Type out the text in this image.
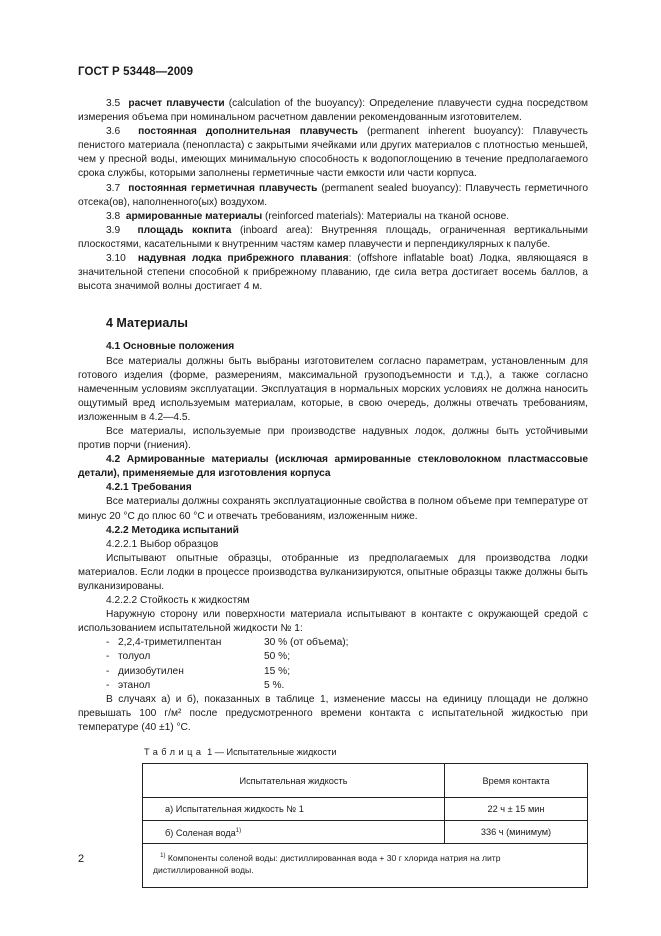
ГОСТ Р 53448—2009

3.5 расчет плавучести (calculation of the buoyancy): Определение плавучести судна посредством измерения объема при номинальном расчетном давлении рекомендованным изготовителем.

3.6 постоянная дополнительная плавучесть (permanent inherent buoyancy): Плавучесть пенистого материала (пенопласта) с закрытыми ячейками или других материалов с плотностью меньшей, чем у пресной воды, имеющих минимальную способность к водопоглощению в течение предполагаемого срока службы, которыми заполнены герметичные части емкости или части корпуса.

3.7 постоянная герметичная плавучесть (permanent sealed buoyancy): Плавучесть герметичного отсека(ов), наполненного(ых) воздухом.

3.8 армированные материалы (reinforced materials): Материалы на тканой основе.

3.9 площадь кокпита (inboard area): Внутренняя площадь, ограниченная вертикальными плоскостями, касательными к внутренним частям камер плавучести и перпендикулярных к палубе.

3.10 надувная лодка прибрежного плавания: (offshore inflatable boat) Лодка, являющаяся в значительной степени способной к прибрежному плаванию, где сила ветра достигает восемь баллов, а высота значимой волны достигает 4 м.

4 Материалы

4.1 Основные положения

Все материалы должны быть выбраны изготовителем согласно параметрам, установленным для готового изделия (форме, размерениям, максимальной грузоподъемности и т.д.), а также согласно намеченным условиям эксплуатации. Эксплуатация в нормальных морских условиях не должна наносить ощутимый вред используемым материалам, которые, в свою очередь, должны отвечать требованиям, изложенным в 4.2—4.5.

Все материалы, используемые при производстве надувных лодок, должны быть устойчивыми против порчи (гниения).

4.2 Армированные материалы (исключая армированные стекловолокном пластмассовые детали), применяемые для изготовления корпуса

4.2.1 Требования

Все материалы должны сохранять эксплуатационные свойства в полном объеме при температуре от минус 20 °С до плюс 60 °С и отвечать требованиям, изложенным ниже.

4.2.2 Методика испытаний

4.2.2.1 Выбор образцов

Испытывают опытные образцы, отобранные из предполагаемых для производства лодки материалов. Если лодки в процессе производства вулканизируются, опытные образцы также должны быть вулканизированы.

4.2.2.2 Стойкость к жидкостям

Наружную сторону или поверхности материала испытывают в контакте с окружающей средой с использованием испытательной жидкости № 1:

- 2,2,4-триметилпентан	30 % (от объема);
- толуол	50 %;
- диизобутилен	15 %;
- этанол	5 %.

В случаях а) и б), показанных в таблице 1, изменение массы на единицу площади не должно превышать 100 г/м² после предусмотренного времени контакта с испытательной жидкостью при температуре (40 ±1) °С.

Таблица 1 — Испытательные жидкости
Испытательная жидкость	Время контакта
а) Испытательная жидкость № 1	22 ч ± 15 мин
б) Соленая вода$^{1)}$	336 ч (минимум)
$^{1)}$ Компоненты соленой воды: дистиллированная вода + 30 г хлорида натрия на литр дистиллированной воды.	
2
